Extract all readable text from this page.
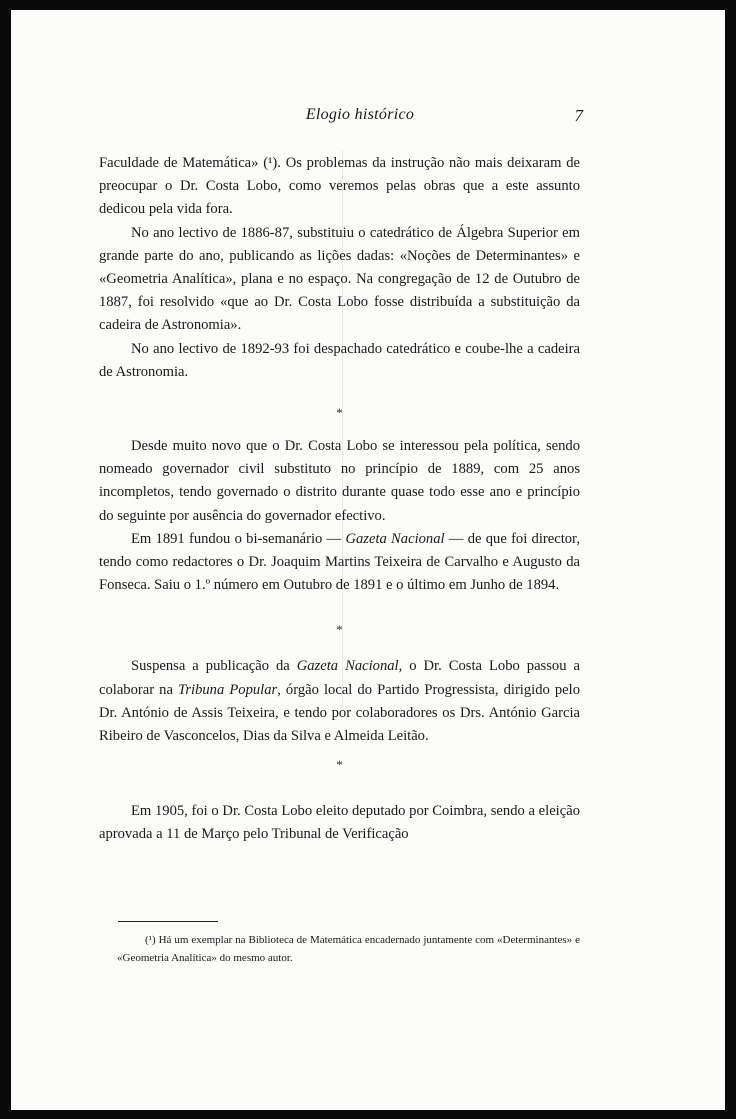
Elogio histórico	7

Faculdade de Matemática» (¹). Os problemas da instrução não mais deixaram de preocupar o Dr. Costa Lobo, como veremos pelas obras que a este assunto dedicou pela vida fora.

No ano lectivo de 1886-87, substituiu o catedrático de Álgebra Superior em grande parte do ano, publicando as lições dadas: «Noções de Determinantes» e «Geometria Analítica», plana e no espaço. Na congregação de 12 de Outubro de 1887, foi resolvido «que ao Dr. Costa Lobo fosse distribuída a substituição da cadeira de Astronomia».

No ano lectivo de 1892-93 foi despachado catedrático e coube-lhe a cadeira de Astronomia.

*

Desde muito novo que o Dr. Costa Lobo se interessou pela política, sendo nomeado governador civil substituto no princípio de 1889, com 25 anos incompletos, tendo governado o distrito durante quase todo esse ano e princípio do seguinte por ausência do governador efectivo.

Em 1891 fundou o bi-semanário — Gazeta Nacional — de que foi director, tendo como redactores o Dr. Joaquim Martins Teixeira de Carvalho e Augusto da Fonseca. Saiu o 1.º número em Outubro de 1891 e o último em Junho de 1894.

*

Suspensa a publicação da Gazeta Nacional, o Dr. Costa Lobo passou a colaborar na Tribuna Popular, órgão local do Partido Progressista, dirigido pelo Dr. António de Assis Teixeira, e tendo por colaboradores os Drs. António Garcia Ribeiro de Vasconcelos, Dias da Silva e Almeida Leitão.

*

Em 1905, foi o Dr. Costa Lobo eleito deputado por Coimbra, sendo a eleição aprovada a 11 de Março pelo Tribunal de Verificação

(¹) Há um exemplar na Biblioteca de Matemática encadernado juntamente com «Determinantes» e «Geometria Analítica» do mesmo autor.
